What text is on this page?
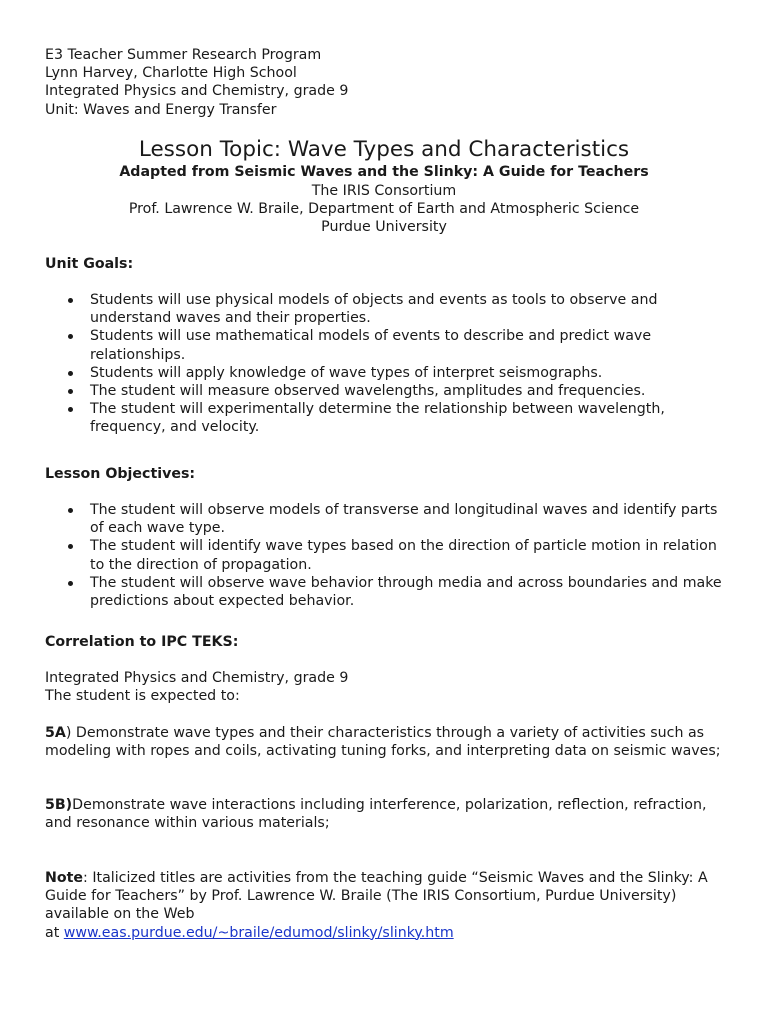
E3 Teacher Summer Research Program
Lynn Harvey, Charlotte High School
Integrated Physics and Chemistry, grade 9
Unit: Waves and Energy Transfer
Lesson Topic: Wave Types and Characteristics
Adapted from Seismic Waves and the Slinky: A Guide for Teachers
The IRIS Consortium
Prof. Lawrence W. Braile, Department of Earth and Atmospheric Science
Purdue University
Unit Goals:
Students will use physical models of objects and events as tools to observe and understand waves and their properties.
Students will use mathematical models of events to describe and predict wave relationships.
Students will apply knowledge of wave types of interpret seismographs.
The student will measure observed wavelengths, amplitudes and frequencies.
The student will experimentally determine the relationship between wavelength, frequency, and velocity.
Lesson Objectives:
The student will observe models of transverse and longitudinal waves and identify parts of each wave type.
The student will identify wave types based on the direction of particle motion in relation to the direction of propagation.
The student will observe wave behavior through media and across boundaries and make predictions about expected behavior.
Correlation to IPC TEKS:
Integrated Physics and Chemistry, grade 9
The student is expected to:
5A) Demonstrate wave types and their characteristics through a variety of activities such as modeling with ropes and coils, activating tuning forks, and interpreting data on seismic waves;
5B)Demonstrate wave interactions including interference, polarization, reflection, refraction, and resonance within various materials;
Note: Italicized titles are activities from the teaching guide “Seismic Waves and the Slinky: A Guide for Teachers” by Prof. Lawrence W. Braile (The IRIS Consortium, Purdue University) available on the Web
at www.eas.purdue.edu/~braile/edumod/slinky/slinky.htm
